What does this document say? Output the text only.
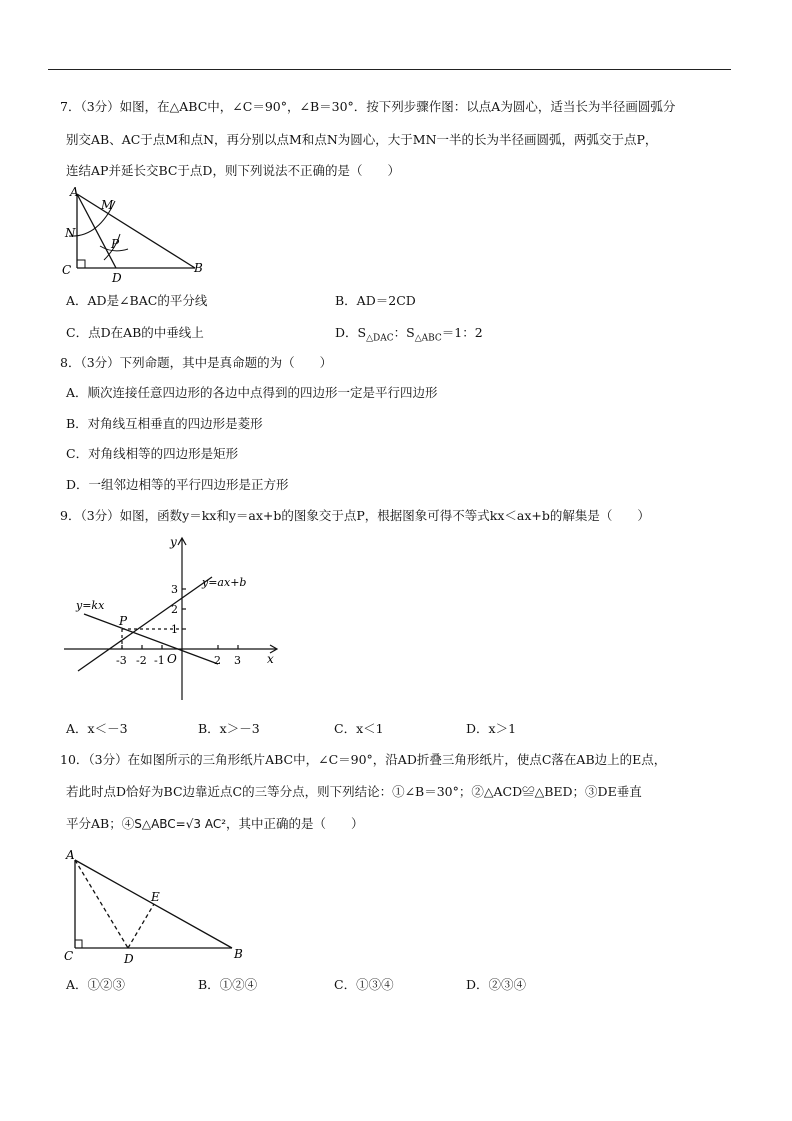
7．（3分）如图，在△ABC中，∠C＝90°，∠B＝30°．按下列步骤作图：以点A为圆心，适当长为半径画圆弧分
别交AB、AC于点M和点N，再分别以点M和点N为圆心，大于MN一半的长为半径画圆弧，两弧交于点P，
连结AP并延长交BC于点D，则下列说法不正确的是（　　）
A
C
D
B
M
N
P
A．AD是∠BAC的平分线	B．AD＝2CD
C．点D在AB的中垂线上	D．$S_{\triangle DAC}$：$S_{\triangle ABC}=1$：2
8．（3分）下列命题，其中是真命题的为（　　）
A．顺次连接任意四边形的各边中点得到的四边形一定是平行四边形
B．对角线互相垂直的四边形是菱形
C．对角线相等的四边形是矩形
D．一组邻边相等的平行四边形是正方形
9．（3分）如图，函数y＝kx和y＝ax+b的图象交于点P，根据图象可得不等式kx＜ax+b的解集是（　　）
y
x
O
P
y=kx
y=ax+b
3
2
1
-3 -2 -1	2 3
A．x＜－3	B．x＞－3	C．x＜1	D．x＞1
10．（3分）在如图所示的三角形纸片ABC中，∠C＝90°，沿AD折叠三角形纸片，使点C落在AB边上的E点，
若此时点D恰好为BC边靠近点C的三等分点，则下列结论：①∠B＝30°；②△ACD≌△BED；③DE垂直
平分AB；④S△ABC=√3 AC²，其中正确的是（　　）
A
C	D	B
E
A．①②③	B．①②④	C．①③④	D．②③④
